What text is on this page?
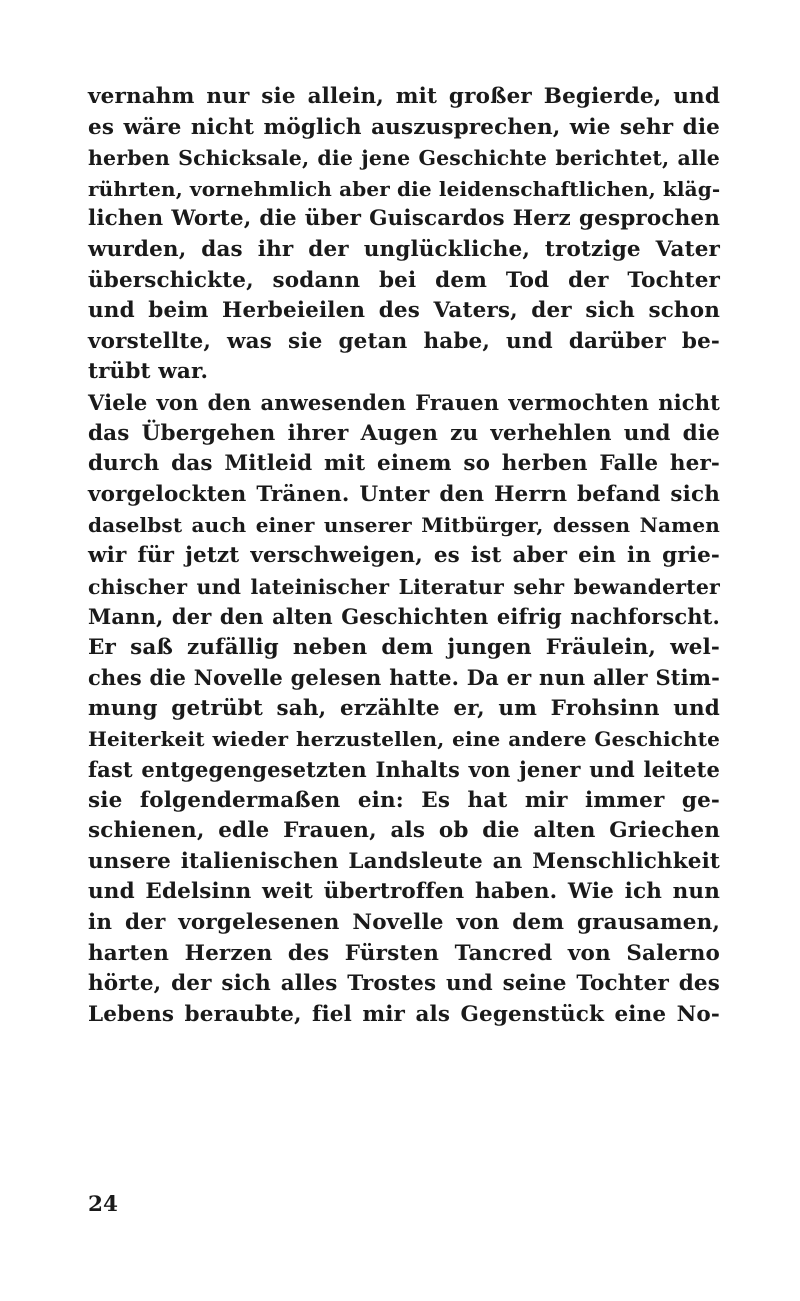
vernahm nur sie allein, mit großer Begierde, und
es wäre nicht möglich auszusprechen, wie sehr die
herben Schicksale, die jene Geschichte berichtet, alle
rührten, vornehmlich aber die leidenschaftlichen, kläg-
lichen Worte, die über Guiscardos Herz gesprochen
wurden, das ihr der unglückliche, trotzige Vater
überschickte, sodann bei dem Tod der Tochter
und beim Herbeieilen des Vaters, der sich schon
vorstellte, was sie getan habe, und darüber be-
trübt war.
Viele von den anwesenden Frauen vermochten nicht
das Übergehen ihrer Augen zu verhehlen und die
durch das Mitleid mit einem so herben Falle her-
vorgelockten Tränen. Unter den Herrn befand sich
daselbst auch einer unserer Mitbürger, dessen Namen
wir für jetzt verschweigen, es ist aber ein in grie-
chischer und lateinischer Literatur sehr bewanderter
Mann, der den alten Geschichten eifrig nachforscht.
Er saß zufällig neben dem jungen Fräulein, wel-
ches die Novelle gelesen hatte. Da er nun aller Stim-
mung getrübt sah, erzählte er, um Frohsinn und
Heiterkeit wieder herzustellen, eine andere Geschichte
fast entgegengesetzten Inhalts von jener und leitete
sie folgendermaßen ein: Es hat mir immer ge-
schienen, edle Frauen, als ob die alten Griechen
unsere italienischen Landsleute an Menschlichkeit
und Edelsinn weit übertroffen haben. Wie ich nun
in der vorgelesenen Novelle von dem grausamen,
harten Herzen des Fürsten Tancred von Salerno
hörte, der sich alles Trostes und seine Tochter des
Lebens beraubte, fiel mir als Gegenstück eine No-
24
